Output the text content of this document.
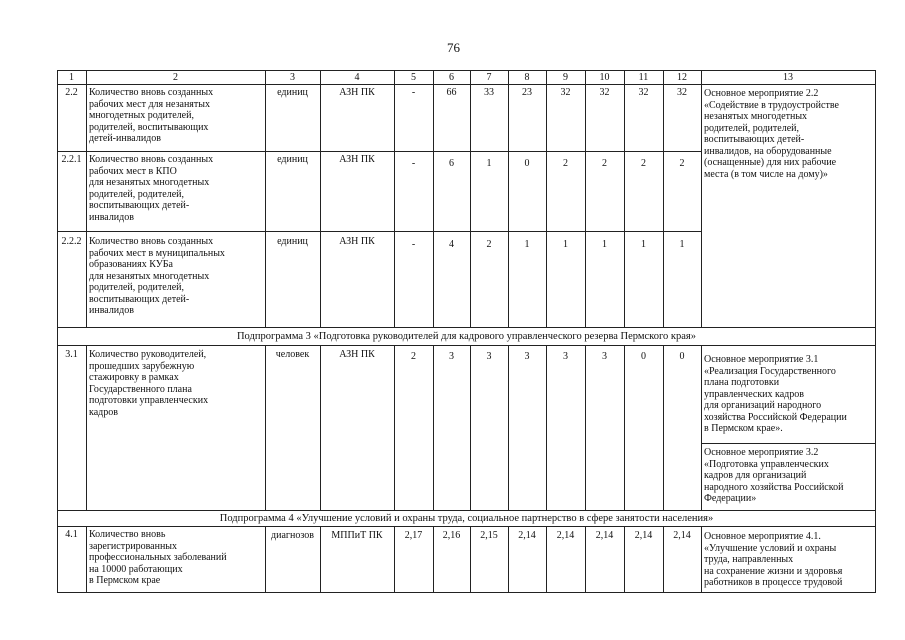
76
1	2	3	4	5	6	7	8	9	10	11	12	13
2.2	Количество вновь созданных
рабочих мест для незанятых
многодетных родителей,
родителей, воспитывающих
детей-инвалидов
единиц	АЗН ПК	-	66	33	23	32	32	32	32	Основное мероприятие 2.2
«Содействие в трудоустройстве
незанятых многодетных
родителей, родителей,
воспитывающих детей-
инвалидов, на оборудованные
(оснащенные) для них рабочие
места (в том числе на дому)»
2.2.1 Количество вновь созданных
рабочих мест в КПО
для незанятых многодетных
родителей, родителей,
воспитывающих детей-
инвалидов
единиц	АЗН ПК	-	6	1	0	2	2	2	2
2.2.2 Количество вновь созданных
рабочих мест в муниципальных
образованиях КУБа
для незанятых многодетных
родителей, родителей,
воспитывающих детей-
инвалидов
единиц	АЗН ПК	-	4	2	1	1	1	1	1
Подпрограмма 3 «Подготовка руководителей для кадрового управленческого резерва Пермского края»
3.1	Количество руководителей,
прошедших зарубежную
стажировку в рамках
Государственного плана
подготовки управленческих
кадров
человек	АЗН ПК	2	3	3	3	3	3	0	0	Основное мероприятие 3.1
«Реализация Государственного
плана подготовки
управленческих кадров
для организаций народного
хозяйства Российской Федерации
в Пермском крае».
Основное мероприятие 3.2
«Подготовка управленческих
кадров для организаций
народного хозяйства Российской
Федерации»
Подпрограмма 4 «Улучшение условий и охраны труда, социальное партнерство в сфере занятости населения»
4.1	Количество вновь
зарегистрированных
профессиональных заболеваний
на 10000 работающих
в Пермском крае
диагнозов	МППиТ ПК	2,17	2,16	2,15	2,14	2,14	2,14	2,14	2,14	Основное мероприятие 4.1.
«Улучшение условий и охраны
труда, направленных
на сохранение жизни и здоровья
работников в процессе трудовой
